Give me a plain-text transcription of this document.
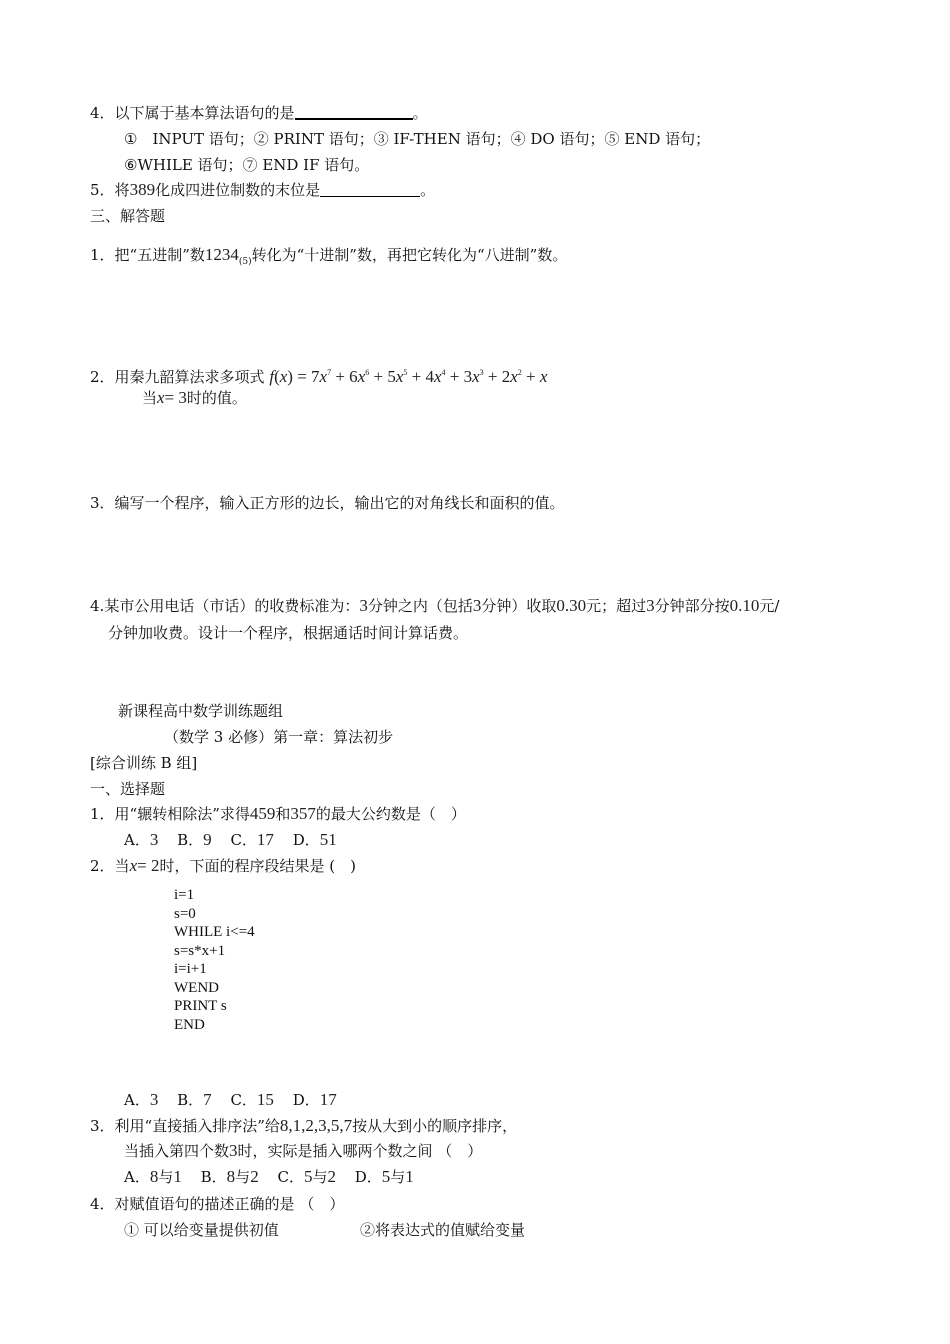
4．以下属于基本算法语句的是	。
①　INPUT 语句；② PRINT 语句；③ IF-THEN 语句；④ DO 语句；⑤ END 语句；
⑥WHILE 语句；⑦ END IF 语句。
5．将389化成四进位制数的末位是	。
三、解答题
1．把“五进制”数$1234_{(5)}$转化为“十进制”数，再把它转化为“八进制”数。
2．用秦九韶算法求多项式 $f(x) = 7x^7 + 6x^6 + 5x^5 + 4x^4 + 3x^3 + 2x^2 + x$
当x= 3时的值。
3．编写一个程序，输入正方形的边长，输出它的对角线长和面积的值。
4.某市公用电话（市话）的收费标准为：3分钟之内（包括3分钟）收取0.30元；超过3分钟部分按0.10元/
分钟加收费。设计一个程序，根据通话时间计算话费。
新课程高中数学训练题组
（数学 3 必修）第一章：算法初步
[综合训练 B 组]
一、选择题
1．用“辗转相除法”求得459和357的最大公约数是（　）
A．3 B．9 C．17 D．51
2．当x= 2时，下面的程序段结果是 (　)
i=1
s=0
WHILE i<=4
s=s*x+1
i=i+1
WEND
PRINT s
END
A．3 B．7 C．15 D．17
3．利用“直接插入排序法”给8,1,2,3,5,7按从大到小的顺序排序，
当插入第四个数3时，实际是插入哪两个数之间 （　）
A．8与1 B．8与2 C．5与2 D．5与1
4．对赋值语句的描述正确的是 （　）
① 可以给变量提供初值	②将表达式的值赋给变量
